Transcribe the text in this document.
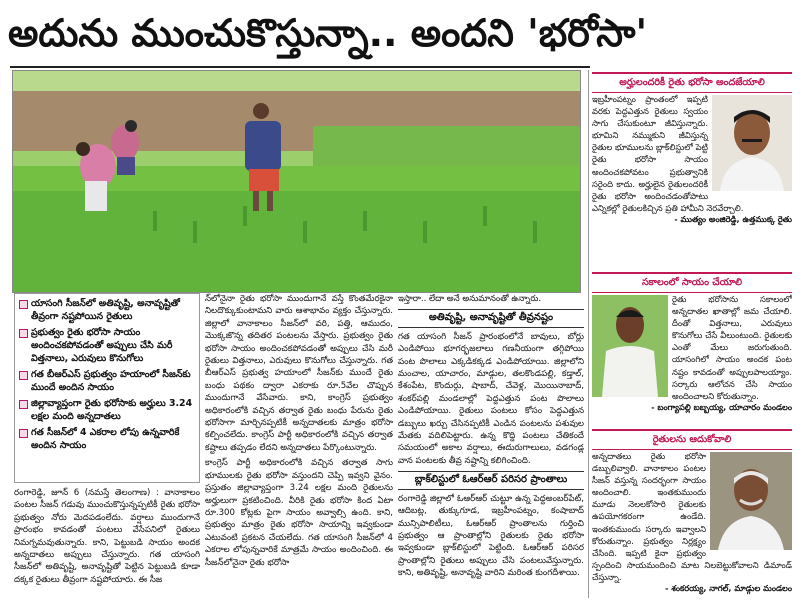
అదును ముంచుకొస్తున్నా.. అందని 'భరోసా'
యాసంగి సీజన్‌లో అతివృష్టి, అనావృష్టితో తీవ్రంగా నష్టపోయిన రైతులు
ప్రభుత్వం రైతు భరోసా సాయం అందించకపోవడంతో అప్పులు చేసి మరీ విత్తనాలు, ఎరువులు కొనుగోలు
గత బీఆర్‌ఎస్ ప్రభుత్వం హయాంలో సీజన్‌కు ముందే అందిన సాయం
జిల్లావ్యాప్తంగా రైతు భరోసాకు అర్హులు 3.24 లక్షల మంది అన్నదాతలు
గత సీజన్‌లో 4 ఎకరాల లోపు ఉన్నవారికే అందిన సాయం
రంగారెడ్డి, జూన్ 6 (నమస్తే తెలంగాణ) : వానాకాలం పంటల సీజన్ గడువు ముంచుకొస్తున్నప్పటికీ రైతు భరోసా ప్రభుత్వం నోరు మెదపడంలేదు. వర్షాలు ముందుగానే ప్రారంభం కావడంతో పంటలు వేసేపనిలో రైతులు నిమగ్నమవుతున్నారు. కాని, పెట్టుబడి సాయం అందక అన్నదాతలు అప్పులు చేస్తున్నారు. గత యాసంగి సీజన్‌లో అతివృష్టి, అనావృష్టితో పెట్టిన పెట్టుబడి కూడా దక్కక రైతులు తీవ్రంగా నష్టపోయారు. ఈ సీజ
న్‌లోనైనా రైతు భరోసా ముందుగానే వస్తే కొంతమేరకైనా నిలదొక్కుకుంటామని వారు ఆశాభావం వ్యక్తం చేస్తున్నారు. జిల్లాలో వానాకాలం సీజన్‌లో వరి, పత్తి, ఆముదం, మొక్కజొన్న తదితర పంటలను వేస్తారు. ప్రభుత్వం రైతు భరోసా సాయం అందించకపోవడంతో అప్పులు చేసి మరీ రైతులు విత్తనాలు, ఎరువులు కొనుగోలు చేస్తున్నారు. గత బీఆర్‌ఎస్ ప్రభుత్వ హయాంలో సీజన్‌కు ముందే రైతు బంధు పథకం ద్వారా ఎకరాకు రూ.5వేల చొప్పున ముందుగానే వేసేవారు. కాని, కాంగ్రెస్ ప్రభుత్వం అధికారంలోకి వచ్చిన తర్వాత రైతు బంధు పేరును రైతు భరోసాగా మార్చినప్పటికీ అన్నదాతలకు మాత్రం భరోసా కల్పించలేదు. కాంగ్రెస్ పార్టీ అధికారంలోకి వచ్చిన తర్వాత కష్టాలు తప్పడం లేదని అన్నదాతలు పేర్కొంటున్నారు.
కాంగ్రెస్ పార్టీ అధికారంలోకి వచ్చిన తర్వాత సాగు భూములకు రైతు భరోసా వస్తుందని చెప్పి ఇవ్వని వైనం. ప్రస్తుతం జిల్లావ్యాప్తంగా 3.24 లక్షల మంది రైతులను అర్హులుగా ప్రకటించింది. వీరికి రైతు భరోసా కింద ఏటా రూ.300 కోట్లకు పైగా సాయం అవ్వాల్సి ఉంది. కాని, ప్రభుత్వం మాత్రం రైతు భరోసా సాయాన్ని ఇవ్వకుండా ఎటువంటి ప్రకటన చేయలేదు. గత యాసంగి సీజన్‌లో 4 ఎకరాల లోపున్నవారికే మాత్రమే సాయం అందించింది. ఈ సీజన్‌లోనైనా రైతు భరోసా
ఇస్తారా.. లేదా అనే అనుమానంతో ఉన్నారు.
అతివృష్టి, అనావృష్టితో తీవ్రనష్టం
గత యాసంగి సీజన్ ప్రారంభంలోనే బావులు, బోర్లు ఎండిపోయి భూగర్భజలాలు గణనీయంగా తగ్గిపోయి పంట పొలాలు ఎక్కడికక్కడ ఎండిపోయాయి. జిల్లాలోని మంచాల, యాచారం, మాడ్గుల, తలకొండపల్లి, కడ్తాల్, కేశంపేట, కొందుర్గు, షాబాద్, చేవెళ్ల, మొయినాబాద్, శంకర్‌పల్లి మండలాల్లో పెద్దఎత్తున పంట పొలాలు ఎండిపోయాయి. రైతులు పంటలు కోసం పెద్దఎత్తున డబ్బులు ఖర్చు చేసినప్పటికీ ఎండిన పంటలను పశువుల మేతకు వదిలిపెట్టారు. ఉన్న కొద్ది పంటలు చేతికందే సమయంలో అకాల వర్షాలు, ఈదురుగాలులు, వడగండ్ల వాన పంటలకు తీవ్ర నష్టాన్ని కలిగించింది.
బ్లాక్‌లిస్టులో ఓఆర్‌ఆర్ పరిసర ప్రాంతాలు
రంగారెడ్డి జిల్లాలో ఓఆర్‌ఆర్ చుట్టూ ఉన్న పెద్దఅంబర్‌పేట్, ఆదిబట్ల, తుక్కుగూడ, ఇబ్రహీంపట్నం, కంషాబాద్ మున్సిపాలిటీలు, ఓఆర్‌ఆర్ ప్రాంతాలను గుర్తించి ప్రభుత్వం ఆ ప్రాంతాల్లోని రైతులకు రైతు భరోసా ఇవ్వకుండా బ్లాక్‌లిస్టులో పెట్టింది. ఓఆర్‌ఆర్ పరిసర ప్రాంతాల్లోని రైతులు అప్పులు చేసి పంటలువేస్తున్నారు. కాని, అతివృష్టి, అనావృష్టి వారిని మరింత కుంగదీశాయి.
అర్హులందరికీ రైతు భరోసా అందజేయాలి
ఇబ్రహీంపట్నం ప్రాంతంలో ఇప్పటి వరకు పెద్దఎత్తున రైతులు స్వయం సాగు చేసుకుంటూ జీవిస్తున్నారు. భూమిని నమ్ముకుని జీవిస్తున్న రైతుల భూములను బ్లాక్‌లిస్టులో పెట్టి రైతు భరోసా సాయం అందించకపోవటం ప్రభుత్వానికి సరైంది కాదు. అర్హులైన రైతులందరికీ రైతు భరోసా అందించడంతోపాటు ఎన్నికల్లో రైతులకిచ్చిన ప్రతి హామీని నెరవేర్చాలి.
- ముత్యం అంజిరెడ్డి, ఉత్తముక్క రైతు
సకాలంలో సాయం చేయాలి
రైతు భరోసాను సకాలంలో అన్నదాతల ఖాతాల్లో జమ చేయాలి. దీంతో విత్తనాలు, ఎరువులు కొనుగోలు చేసే వీలుంటుంది. రైతులకు ఎంతో మేలు జరుగుతుంది. యాసంగిలో సాయం అందక పంట నష్టం కావడంతో అప్పులపాలయ్యాం. సర్కారు ఆలోచన చేసి సాయం అందించాలని కోరుతున్నాం.
- బంగ్యాపల్లి బబ్బయ్య, యాచారం మండలం
రైతులను ఆదుకోవాలి
అన్నదాతలు రైతు భరోసా డబ్బులివ్వాలి. వానాకాలం పంటల సీజన్ వస్తున్న సందర్భంగా సాయం అందించాలి. ఇంతకుముందు మూడు నెలలకోసారి రైతులకు ఉపయోగకరంగా ఉండేది. ఇంతకుముందు సర్కారు ఇవ్వాలని కోరుతున్నాం. ప్రభుత్వం నిర్లక్ష్యం చేసింది. ఇప్పటి కైనా ప్రభుత్వం స్పందించి సాయమందించి మాట నిలబెట్టుకోవాలని డిమాండ్ చేస్తున్నా.
- శంకరయ్య, నాగల్, మాడ్గుల మండలం
